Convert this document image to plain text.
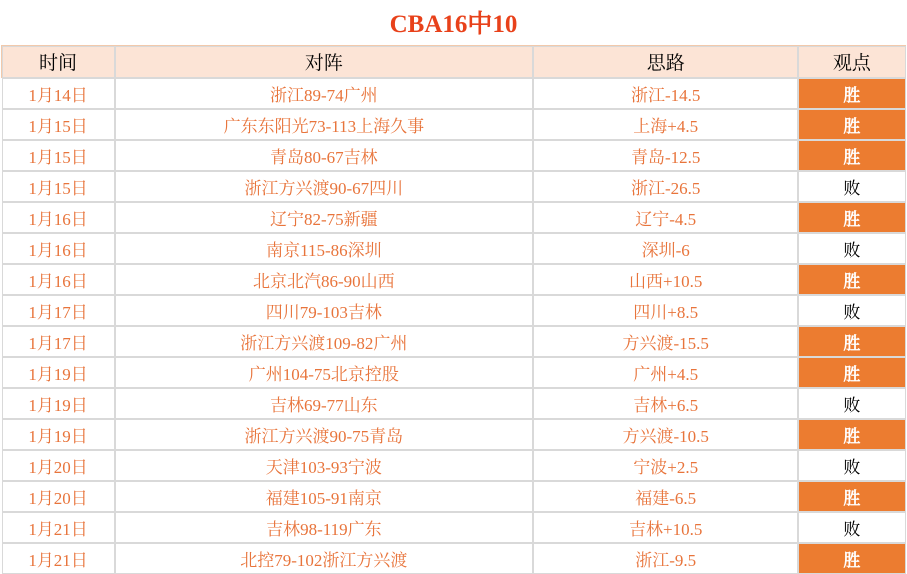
CBA16中10
时间	对阵	思路	观点
1月14日	浙江89-74广州	浙江-14.5	胜
1月15日	广东东阳光73-113上海久事	上海+4.5	胜
1月15日	青岛80-67吉林	青岛-12.5	胜
1月15日	浙江方兴渡90-67四川	浙江-26.5	败
1月16日	辽宁82-75新疆	辽宁-4.5	胜
1月16日	南京115-86深圳	深圳-6	败
1月16日	北京北汽86-90山西	山西+10.5	胜
1月17日	四川79-103吉林	四川+8.5	败
1月17日	浙江方兴渡109-82广州	方兴渡-15.5	胜
1月19日	广州104-75北京控股	广州+4.5	胜
1月19日	吉林69-77山东	吉林+6.5	败
1月19日	浙江方兴渡90-75青岛	方兴渡-10.5	胜
1月20日	天津103-93宁波	宁波+2.5	败
1月20日	福建105-91南京	福建-6.5	胜
1月21日	吉林98-119广东	吉林+10.5	败
1月21日	北控79-102浙江方兴渡	浙江-9.5	胜
